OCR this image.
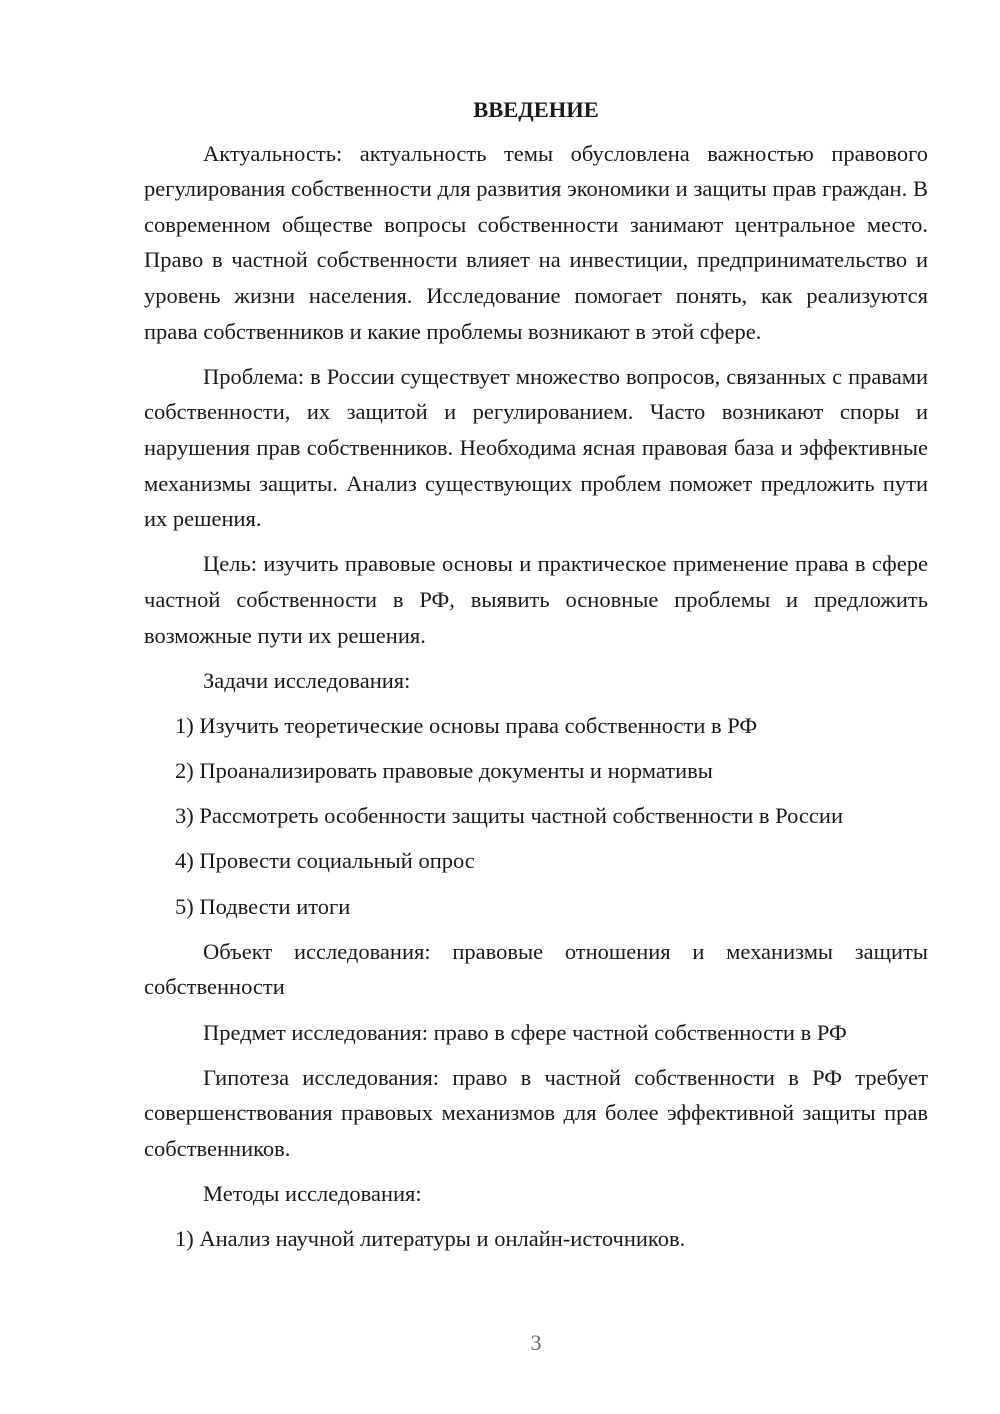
ВВЕДЕНИЕ
Актуальность: актуальность темы обусловлена важностью правового регулирования собственности для развития экономики и защиты прав граждан. В современном обществе вопросы собственности занимают центральное место. Право в частной собственности влияет на инвестиции, предпринимательство и уровень жизни населения. Исследование помогает понять, как реализуются права собственников и какие проблемы возникают в этой сфере.
Проблема: в России существует множество вопросов, связанных с правами собственности, их защитой и регулированием. Часто возникают споры и нарушения прав собственников. Необходима ясная правовая база и эффективные механизмы защиты. Анализ существующих проблем поможет предложить пути их решения.
Цель: изучить правовые основы и практическое применение права в сфере частной собственности в РФ, выявить основные проблемы и предложить возможные пути их решения.
Задачи исследования:
1) Изучить теоретические основы права собственности в РФ
2) Проанализировать правовые документы и нормативы
3) Рассмотреть особенности защиты частной собственности в России
4) Провести социальный опрос
5) Подвести итоги
Объект исследования: правовые отношения и механизмы защиты собственности
Предмет исследования: право в сфере частной собственности в РФ
Гипотеза исследования: право в частной собственности в РФ требует совершенствования правовых механизмов для более эффективной защиты прав собственников.
Методы исследования:
1) Анализ научной литературы и онлайн-источников.
3
